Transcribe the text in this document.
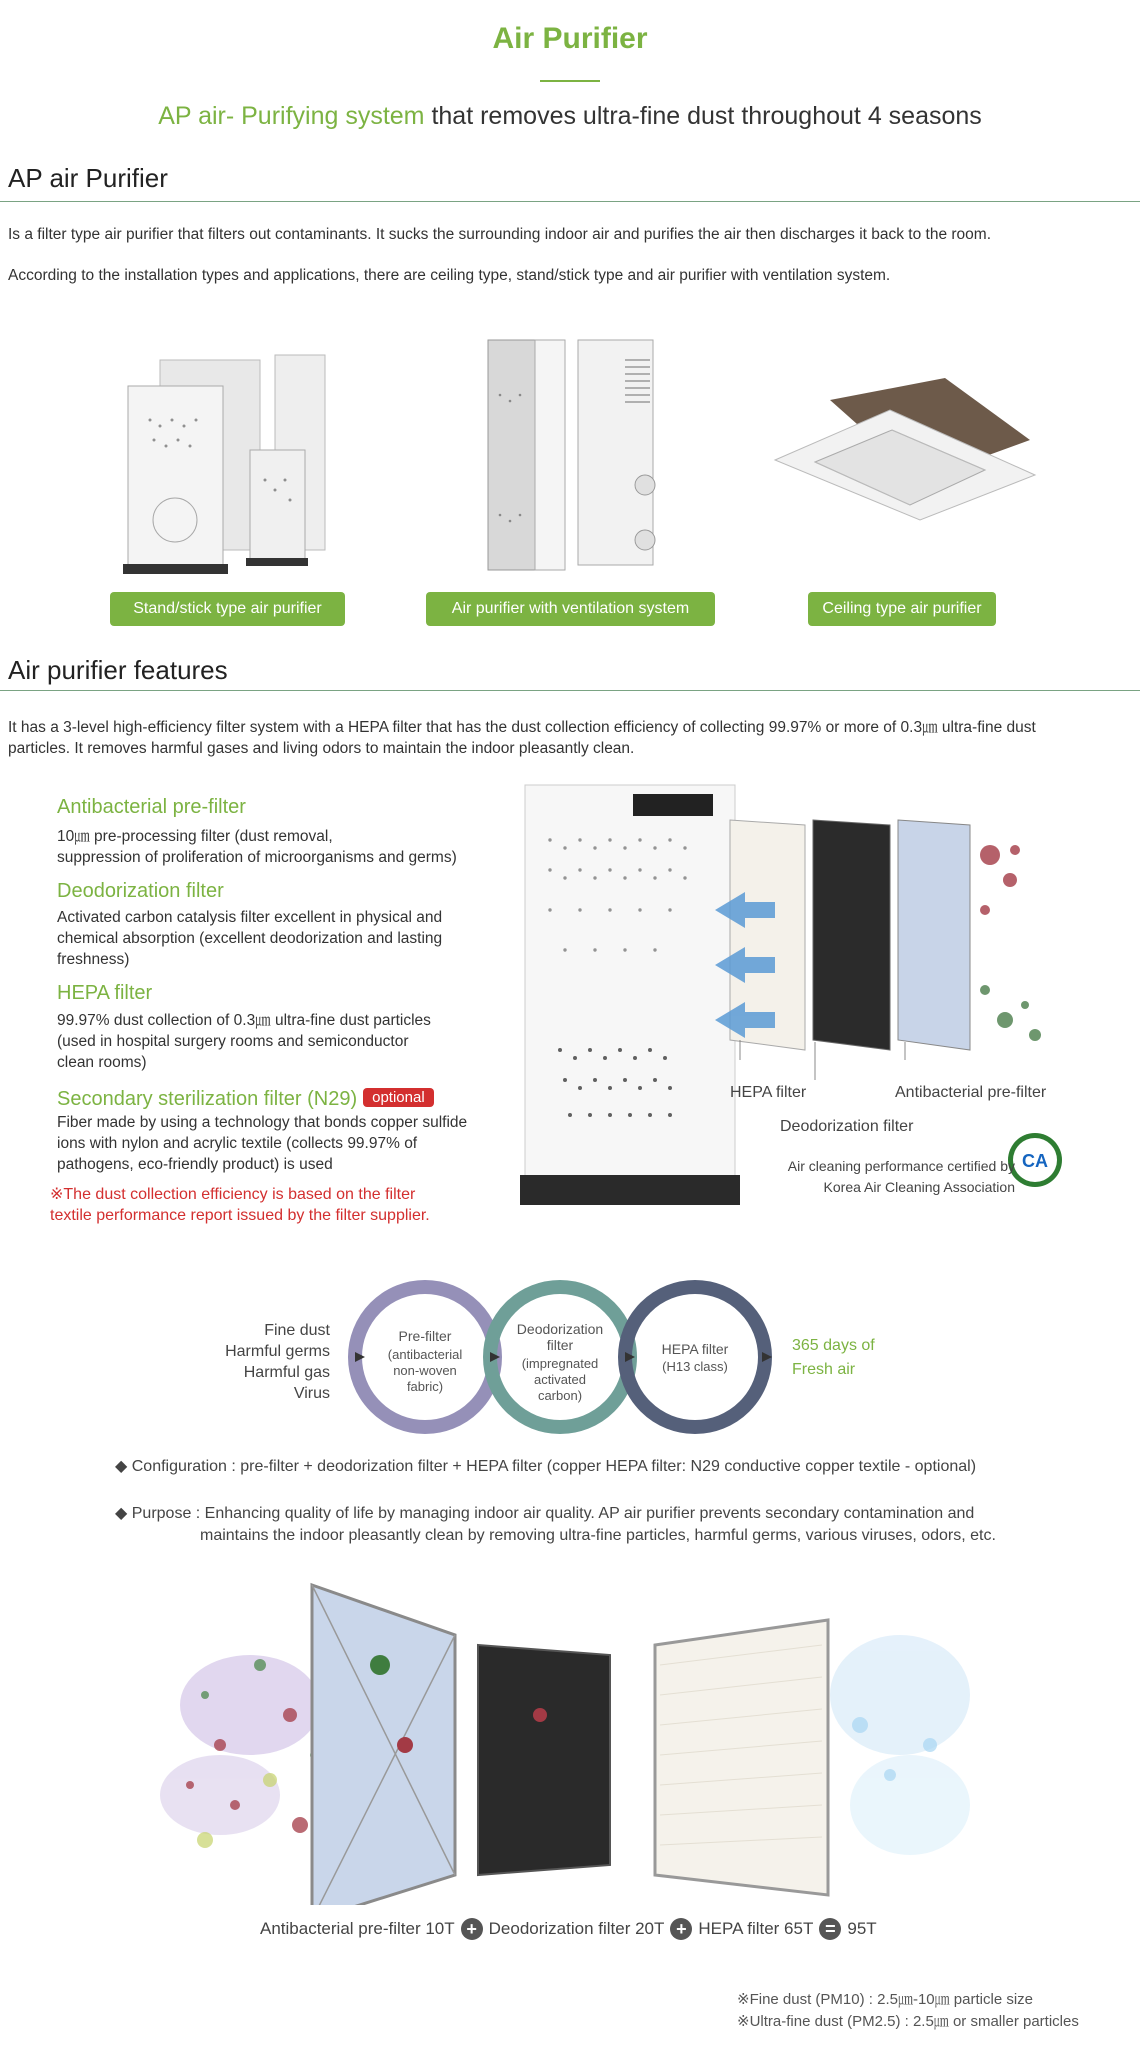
Air Purifier
AP air- Purifying system that removes ultra-fine dust throughout 4 seasons
AP air Purifier
Is a filter type air purifier that filters out contaminants. It sucks the surrounding indoor air and purifies the air then discharges it back to the room.
According to the installation types and applications, there are ceiling type, stand/stick type and air purifier with ventilation system.
Stand/stick type air purifier	Air purifier with ventilation system	Ceiling type air purifier
Air purifier features
It has a 3-level high-efficiency filter system with a HEPA filter that has the dust collection efficiency of collecting 99.97% or more of 0.3㎛ ultra-fine dust
particles. It removes harmful gases and living odors to maintain the indoor pleasantly clean.
Antibacterial pre-filter
10㎛ pre-processing filter (dust removal,
suppression of proliferation of microorganisms and germs)
Deodorization filter
Activated carbon catalysis filter excellent in physical and
chemical absorption (excellent deodorization and lasting
freshness)
HEPA filter
99.97% dust collection of 0.3㎛ ultra-fine dust particles
(used in hospital surgery rooms and semiconductor
clean rooms)
Secondary sterilization filter (N29) optional
Fiber made by using a technology that bonds copper sulfide
ions with nylon and acrylic textile (collects 99.97% of
pathogens, eco-friendly product) is used
※The dust collection efficiency is based on the filter
textile performance report issued by the filter supplier.
CA
HEPA filter	Antibacterial pre-filter
Deodorization filter
Air cleaning performance certified by
Korea Air Cleaning Association
Fine dust
Harmful germs
Harmful gas
Virus
Pre-filter
(antibacterial
non-woven
fabric)
Deodorization
filter
(impregnated
activated
carbon)
HEPA filter
(H13 class)
365 days of
Fresh air
◆ Configuration : pre-filter + deodorization filter + HEPA filter (copper HEPA filter: N29 conductive copper textile - optional)
◆ Purpose : Enhancing quality of life by managing indoor air quality. AP air purifier prevents secondary contamination and
maintains the indoor pleasantly clean by removing ultra-fine particles, harmful germs, various viruses, odors, etc.
Antibacterial pre-filter 10T + Deodorization filter 20T + HEPA filter 65T = 95T
※Fine dust (PM10) : 2.5㎛-10㎛ particle size
※Ultra-fine dust (PM2.5) : 2.5㎛ or smaller particles
